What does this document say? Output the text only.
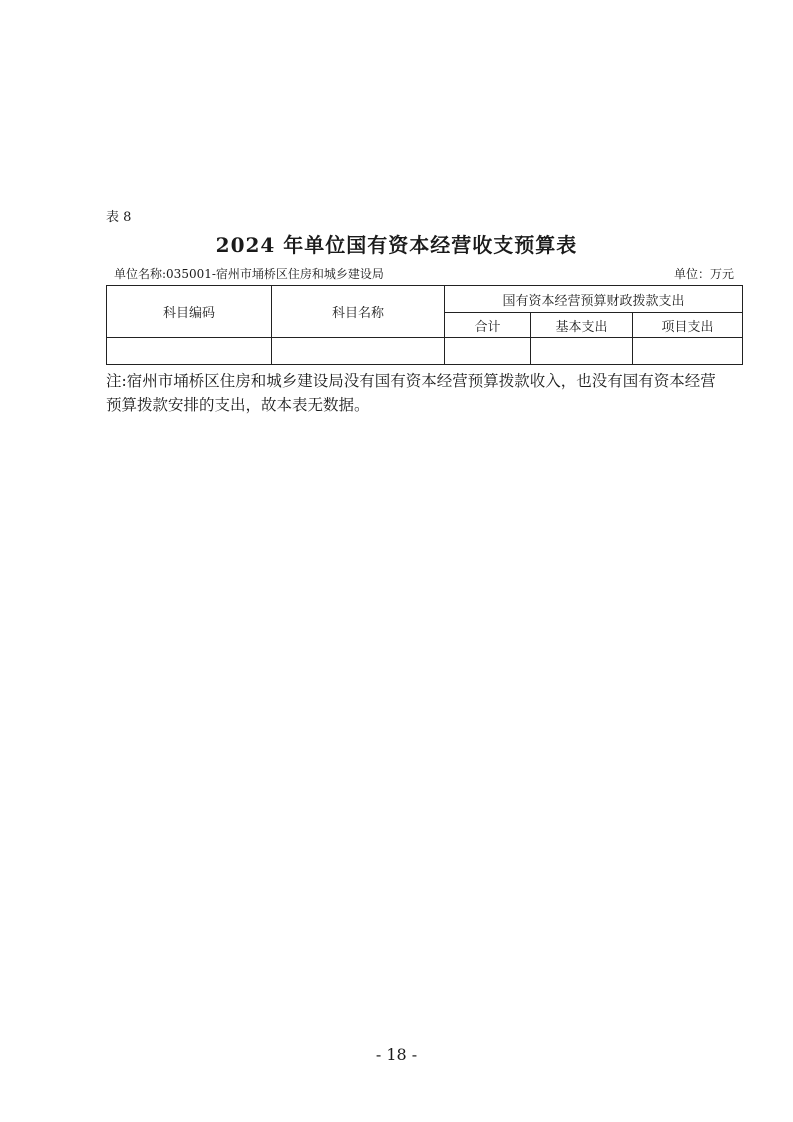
表 8
2024 年单位国有资本经营收支预算表
单位名称:035001-宿州市埇桥区住房和城乡建设局	单位：万元
科目编码	科目名称	国有资本经营预算财政拨款支出		
		合计	基本支出	项目支出

注:宿州市埇桥区住房和城乡建设局没有国有资本经营预算拨款收入，也没有国有资本经营预算拨款安排的支出，故本表无数据。
- 18 -
